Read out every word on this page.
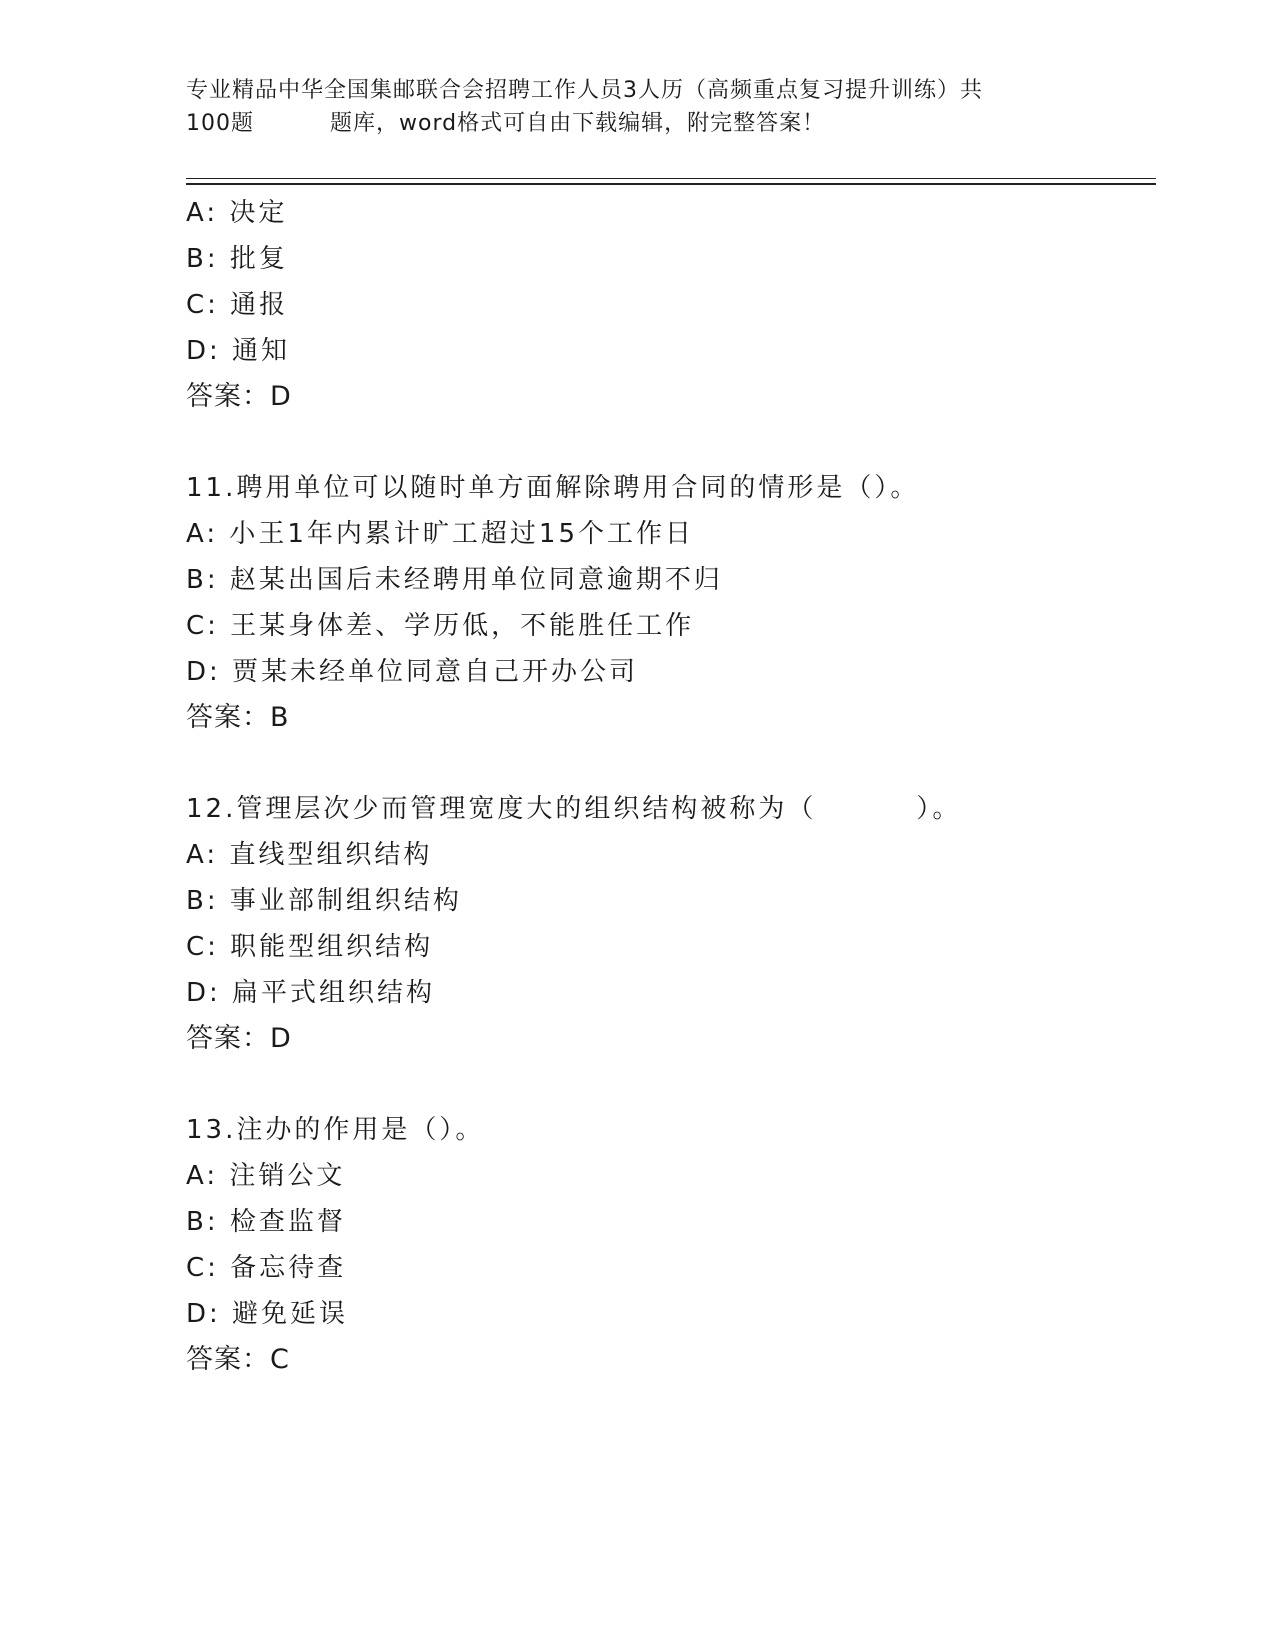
专业精品中华全国集邮联合会招聘工作人员3人历（高频重点复习提升训练）共
100题	题库，word格式可自由下载编辑，附完整答案！
A: 决定
B: 批复
C: 通报
D: 通知
答案：D
11.聘用单位可以随时单方面解除聘用合同的情形是（）。
A: 小王1年内累计旷工超过15个工作日
B: 赵某出国后未经聘用单位同意逾期不归
C: 王某身体差、学历低，不能胜任工作
D: 贾某未经单位同意自己开办公司
答案：B
12.管理层次少而管理宽度大的组织结构被称为（	）。
A: 直线型组织结构
B: 事业部制组织结构
C: 职能型组织结构
D: 扁平式组织结构
答案：D
13.注办的作用是（）。
A: 注销公文
B: 检查监督
C: 备忘待查
D: 避免延误
答案：C
